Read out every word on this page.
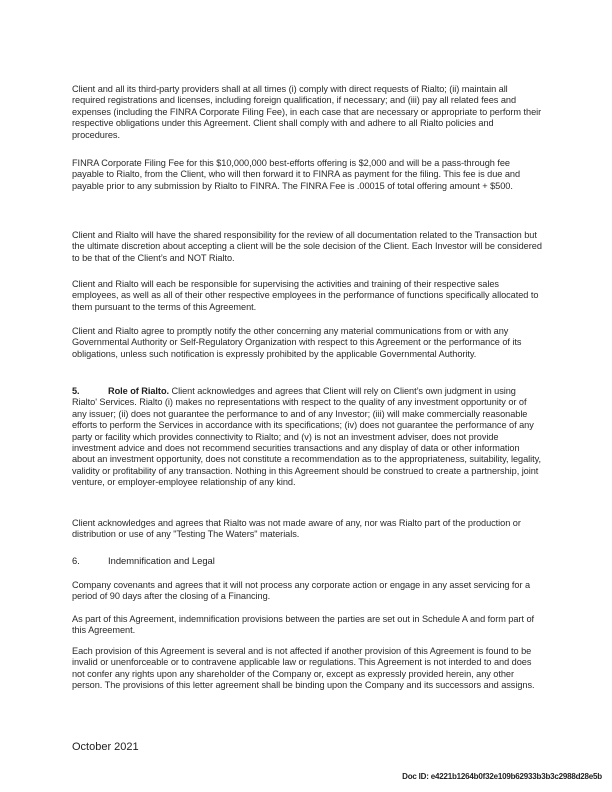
Client and all its third-party providers shall at all times (i) comply with direct requests of Rialto; (ii) maintain all required registrations and licenses, including foreign qualification, if necessary; and (iii) pay all related fees and expenses (including the FINRA Corporate Filing Fee), in each case that are necessary or appropriate to perform their respective obligations under this Agreement. Client shall comply with and adhere to all Rialto policies and procedures.

FINRA Corporate Filing Fee for this $10,000,000 best-efforts offering is $2,000 and will be a pass-through fee payable to Rialto, from the Client, who will then forward it to FINRA as payment for the filing. This fee is due and payable prior to any submission by Rialto to FINRA. The FINRA Fee is .00015 of total offering amount + $500.

Client and Rialto will have the shared responsibility for the review of all documentation related to the Transaction but the ultimate discretion about accepting a client will be the sole decision of the Client. Each Investor will be considered to be that of the Client’s and NOT Rialto.

Client and Rialto will each be responsible for supervising the activities and training of their respective sales employees, as well as all of their other respective employees in the performance of functions specifically allocated to them pursuant to the terms of this Agreement.

Client and Rialto agree to promptly notify the other concerning any material communications from or with any Governmental Authority or Self-Regulatory Organization with respect to this Agreement or the performance of its obligations, unless such notification is expressly prohibited by the applicable Governmental Authority.

5.	Role of Rialto. Client acknowledges and agrees that Client will rely on Client’s own judgment in using Rialto' Services. Rialto (i) makes no representations with respect to the quality of any investment opportunity or of any issuer; (ii) does not guarantee the performance to and of any Investor; (iii) will make commercially reasonable efforts to perform the Services in accordance with its specifications; (iv) does not guarantee the performance of any party or facility which provides connectivity to Rialto; and (v) is not an investment adviser, does not provide investment advice and does not recommend securities transactions and any display of data or other information about an investment opportunity, does not constitute a recommendation as to the appropriateness, suitability, legality, validity or profitability of any transaction. Nothing in this Agreement should be construed to create a partnership, joint venture, or employer-employee relationship of any kind.

Client acknowledges and agrees that Rialto was not made aware of any, nor was Rialto part of the production or distribution or use of any "Testing The Waters" materials.

6.	Indemnification and Legal

Company covenants and agrees that it will not process any corporate action or engage in any asset servicing for a period of 90 days after the closing of a Financing.

As part of this Agreement, indemnification provisions between the parties are set out in Schedule A and form part of this Agreement.

Each provision of this Agreement is several and is not affected if another provision of this Agreement is found to be invalid or unenforceable or to contravene applicable law or regulations. This Agreement is not interded to and does not confer any rights upon any shareholder of the Company or, except as expressly provided herein, any other person. The provisions of this letter agreement shall be binding upon the Company and its successors and assigns.

October 2021
Doc ID: e4221b1264b0f32e109b62933b3b3c2988d28e5b
